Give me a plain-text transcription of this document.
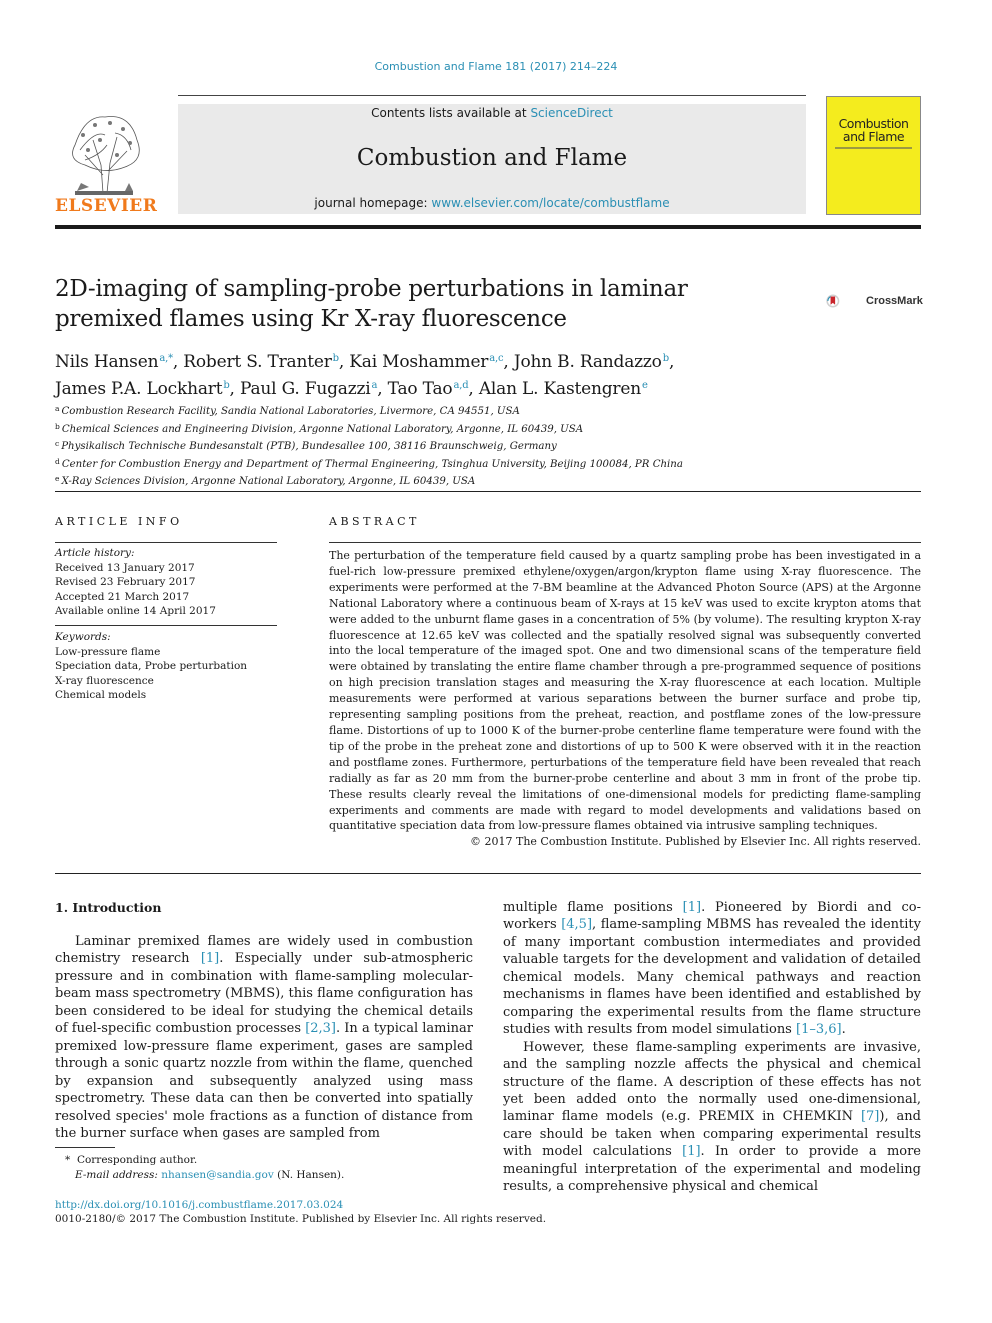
Combustion and Flame 181 (2017) 214–224
ELSEVIER
Contents lists available at ScienceDirect
Combustion and Flame
journal homepage: www.elsevier.com/locate/combustflame
Combustion and Flame
2D-imaging of sampling-probe perturbations in laminar premixed flames using Kr X-ray fluorescence
CrossMark
Nils Hansen$^{a,*}$, Robert S. Tranter$^b$, Kai Moshammer$^{a,c}$, John B. Randazzo$^b$,
James P.A. Lockhart$^b$, Paul G. Fugazzi$^a$, Tao Tao$^{a,d}$, Alan L. Kastengren$^e$
$^a$ Combustion Research Facility, Sandia National Laboratories, Livermore, CA 94551, USA
$^b$ Chemical Sciences and Engineering Division, Argonne National Laboratory, Argonne, IL 60439, USA
$^c$ Physikalisch Technische Bundesanstalt (PTB), Bundesallee 100, 38116 Braunschweig, Germany
$^d$ Center for Combustion Energy and Department of Thermal Engineering, Tsinghua University, Beijing 100084, PR China
$^e$ X-Ray Sciences Division, Argonne National Laboratory, Argonne, IL 60439, USA
ARTICLE INFO
Article history:
Received 13 January 2017
Revised 23 February 2017
Accepted 21 March 2017
Available online 14 April 2017
Keywords:
Low-pressure flame
Speciation data, Probe perturbation
X-ray fluorescence
Chemical models
ABSTRACT
The perturbation of the temperature field caused by a quartz sampling probe has been investigated in a fuel-rich low-pressure premixed ethylene/oxygen/argon/krypton flame using X-ray fluorescence. The experiments were performed at the 7-BM beamline at the Advanced Photon Source (APS) at the Argonne National Laboratory where a continuous beam of X-rays at 15 keV was used to excite krypton atoms that were added to the unburnt flame gases in a concentration of 5% (by volume). The resulting krypton X-ray fluorescence at 12.65 keV was collected and the spatially resolved signal was subsequently converted into the local temperature of the imaged spot. One and two dimensional scans of the temperature field were obtained by translating the entire flame chamber through a pre-programmed sequence of positions on high precision translation stages and measuring the X-ray fluorescence at each location. Multiple measurements were performed at various separations between the burner surface and probe tip, representing sampling positions from the preheat, reaction, and postflame zones of the low-pressure flame. Distortions of up to 1000 K of the burner-probe centerline flame temperature were found with the tip of the probe in the preheat zone and distortions of up to 500 K were observed with it in the reaction and postflame zones. Furthermore, perturbations of the temperature field have been revealed that reach radially as far as 20 mm from the burner-probe centerline and about 3 mm in front of the probe tip. These results clearly reveal the limitations of one-dimensional models for predicting flame-sampling experiments and comments are made with regard to model developments and validations based on quantitative speciation data from low-pressure flames obtained via intrusive sampling techniques.
© 2017 The Combustion Institute. Published by Elsevier Inc. All rights reserved.
1. Introduction

Laminar premixed flames are widely used in combustion chemistry research [1]. Especially under sub-atmospheric pressure and in combination with flame-sampling molecular-beam mass spectrometry (MBMS), this flame configuration has been considered to be ideal for studying the chemical details of fuel-specific combustion processes [2,3]. In a typical laminar premixed low-pressure flame experiment, gases are sampled through a sonic quartz nozzle from within the flame, quenched by expansion and subsequently analyzed using mass spectrometry. These data can then be converted into spatially resolved species' mole fractions as a function of distance from the burner surface when gases are sampled from

multiple flame positions [1]. Pioneered by Biordi and co-workers [4,5], flame-sampling MBMS has revealed the identity of many important combustion intermediates and provided valuable targets for the development and validation of detailed chemical models. Many chemical pathways and reaction mechanisms in flames have been identified and established by comparing the experimental results from the flame structure studies with results from model simulations [1–3,6].

However, these flame-sampling experiments are invasive, and the sampling nozzle affects the physical and chemical structure of the flame. A description of these effects has not yet been added onto the normally used one-dimensional, laminar flame models (e.g. PREMIX in CHEMKIN [7]), and care should be taken when comparing experimental results with model calculations [1]. In order to provide a more meaningful interpretation of the experimental and modeling results, a comprehensive physical and chemical

* Corresponding author.
E-mail address: nhansen@sandia.gov (N. Hansen).
http://dx.doi.org/10.1016/j.combustflame.2017.03.024
0010-2180/© 2017 The Combustion Institute. Published by Elsevier Inc. All rights reserved.
